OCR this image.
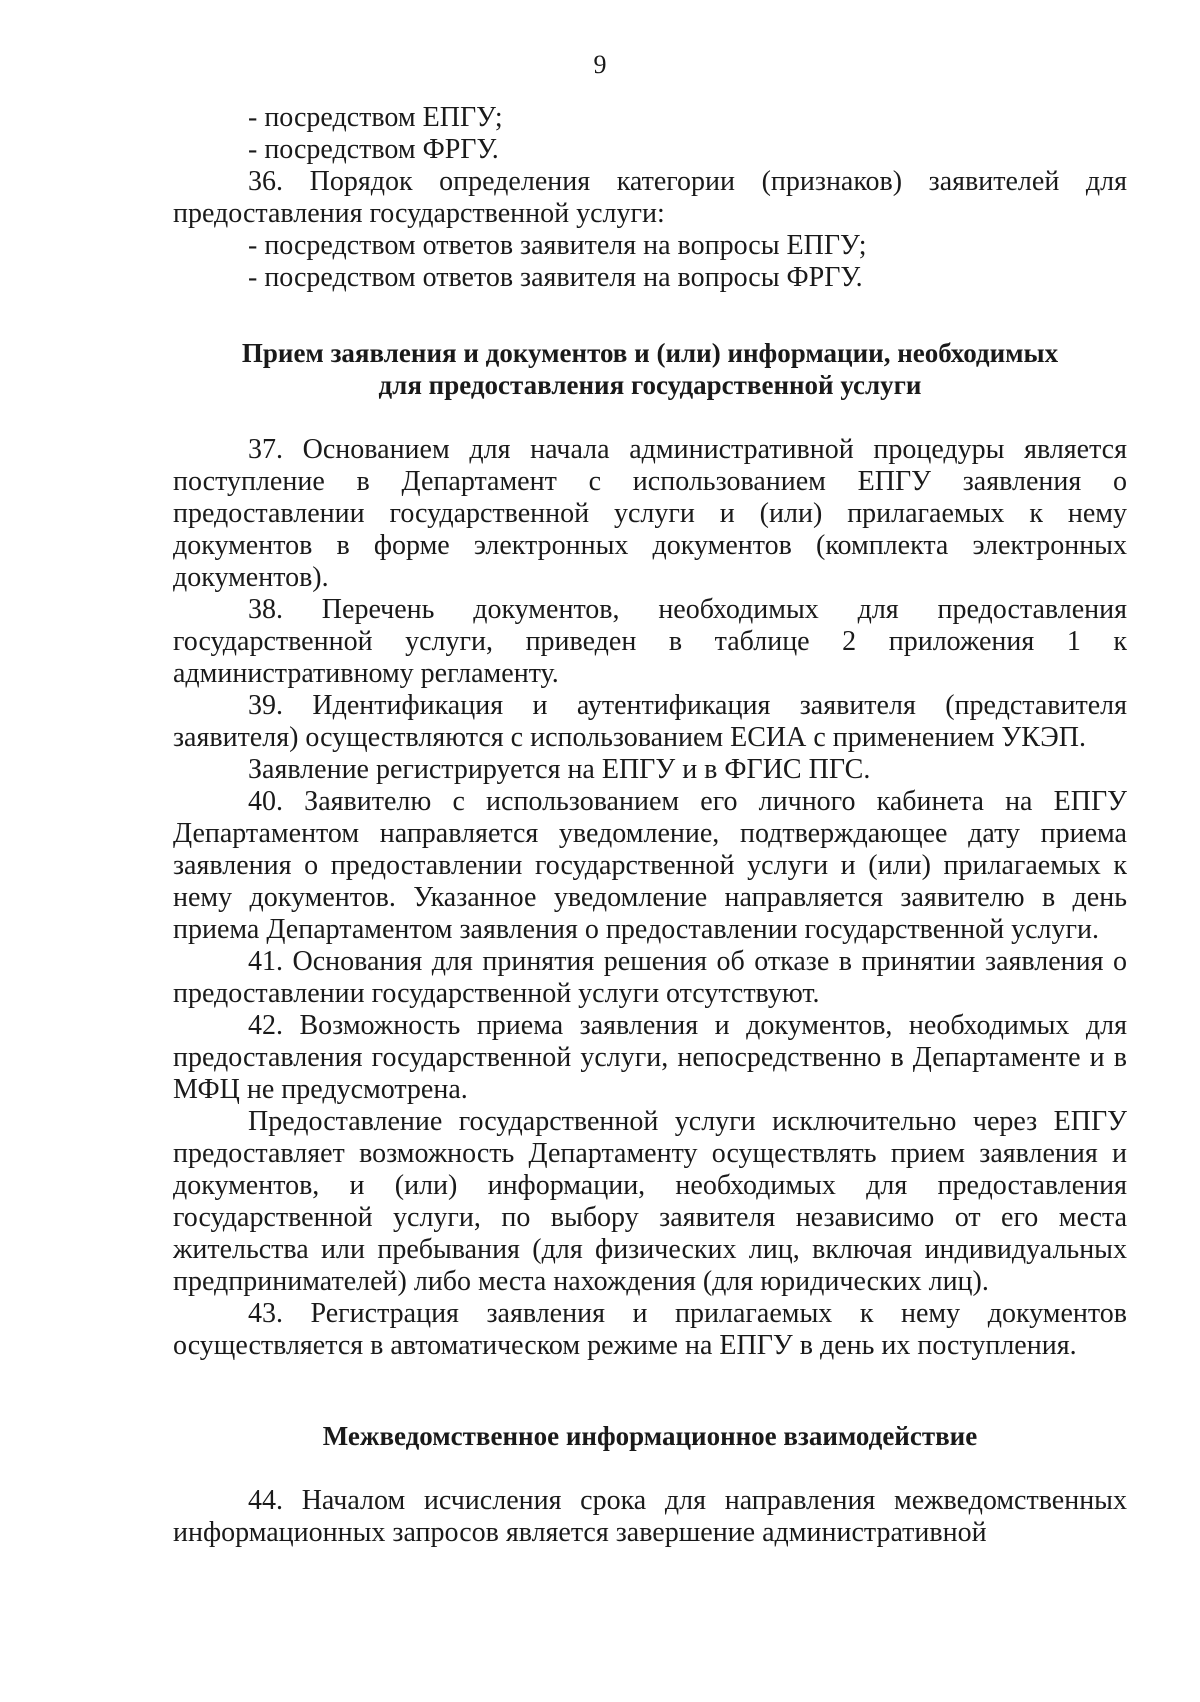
9

- посредством ЕПГУ;

- посредством ФРГУ.

36. Порядок определения категории (признаков) заявителей для предоставления государственной услуги:

- посредством ответов заявителя на вопросы ЕПГУ;

- посредством ответов заявителя на вопросы ФРГУ.

Прием заявления и документов и (или) информации, необходимых
для предоставления государственной услуги

37. Основанием для начала административной процедуры является поступление в Департамент с использованием ЕПГУ заявления о предоставлении государственной услуги и (или) прилагаемых к нему документов в форме электронных документов (комплекта электронных документов).

38. Перечень документов, необходимых для предоставления государственной услуги, приведен в таблице 2 приложения 1 к административному регламенту.

39. Идентификация и аутентификация заявителя (представителя заявителя) осуществляются с использованием ЕСИА с применением УКЭП.

Заявление регистрируется на ЕПГУ и в ФГИС ПГС.

40. Заявителю с использованием его личного кабинета на ЕПГУ Департаментом направляется уведомление, подтверждающее дату приема заявления о предоставлении государственной услуги и (или) прилагаемых к нему документов. Указанное уведомление направляется заявителю в день приема Департаментом заявления о предоставлении государственной услуги.

41. Основания для принятия решения об отказе в принятии заявления о предоставлении государственной услуги отсутствуют.

42. Возможность приема заявления и документов, необходимых для предоставления государственной услуги, непосредственно в Департаменте и в МФЦ не предусмотрена.

Предоставление государственной услуги исключительно через ЕПГУ предоставляет возможность Департаменту осуществлять прием заявления и документов, и (или) информации, необходимых для предоставления государственной услуги, по выбору заявителя независимо от его места жительства или пребывания (для физических лиц, включая индивидуальных предпринимателей) либо места нахождения (для юридических лиц).

43. Регистрация заявления и прилагаемых к нему документов осуществляется в автоматическом режиме на ЕПГУ в день их поступления.

Межведомственное информационное взаимодействие

44. Началом исчисления срока для направления межведомственных информационных запросов является завершение административной
